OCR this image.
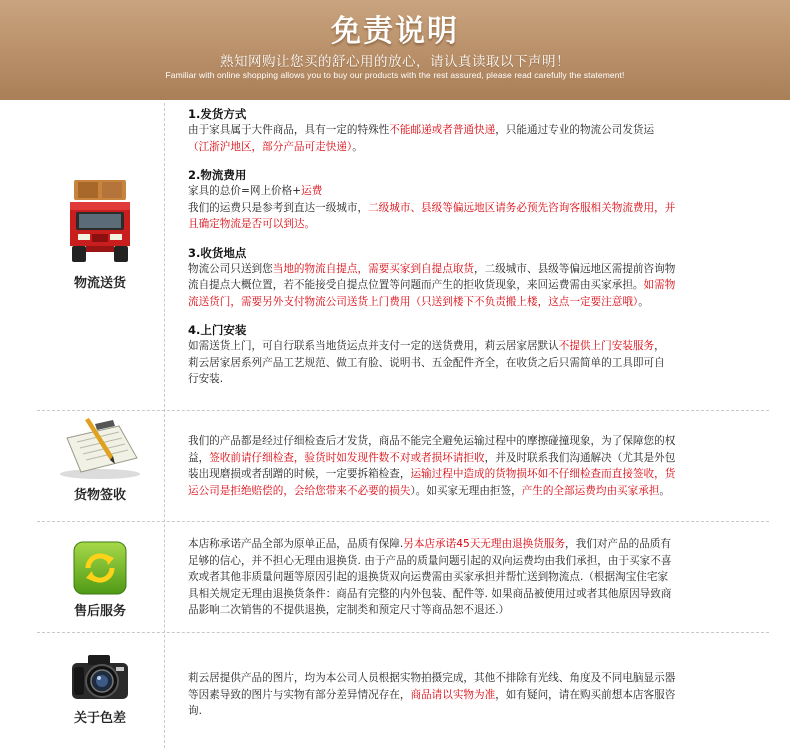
免责说明
熟知网购让您买的舒心用的放心，请认真读取以下声明！
Familiar with online shopping allows you to buy our products with the rest assured, please read carefully the statement!
物流送货
货物签收
售后服务
关于色差

1.发货方式

由于家具属于大件商品，具有一定的特殊性不能邮递或者普通快递，只能通过专业的物流公司发货运

（江浙沪地区，部分产品可走快递）。

2.物流费用

家具的总价=网上价格+运费

我们的运费只是参考到直达一级城市，二级城市、县级等偏远地区请务必预先咨询客服相关物流费用，并

且确定物流是否可以到达。

3.收货地点

物流公司只送到您当地的物流自提点，需要买家到自提点取货，二级城市、县级等偏远地区需提前咨询物

流自提点大概位置，若不能接受自提点位置等问题而产生的拒收货现象，来回运费需由买家承担。如需物

流送货门，需要另外支付物流公司送货上门费用（只送到楼下不负责搬上楼，这点一定要注意哦）。

4.上门安装

如需送货上门，可自行联系当地货运点并支付一定的送货费用，莉云居家居默认不提供上门安装服务，

莉云居家居系列产品工艺规范、做工有脸、说明书、五金配件齐全，在收货之后只需简单的工具即可自

行安装.

我们的产品都是经过仔细检查后才发货，商品不能完全避免运输过程中的摩擦碰撞现象，为了保障您的权

益，签收前请仔细检查，验货时如发现件数不对或者损坏请拒收，并及时联系我们沟通解决（尤其是外包

装出现磨损或者刮蹭的时候，一定要拆箱检查，运输过程中造成的货物损坏如不仔细检查而直接签收，货

运公司是拒绝赔偿的，会给您带来不必要的损失）。如买家无理由拒签，产生的全部运费均由买家承担。

本店称承诺产品全部为原单正品，品质有保障.另本店承诺45天无理由退换货服务，我们对产品的品质有

足够的信心，并不担心无理由退换货. 由于产品的质量问题引起的双向运费均由我们承担，由于买家不喜

欢或者其他非质量问题等原因引起的退换货双向运费需由买家承担并帮忙送到物流点.（根据淘宝住宅家

具相关规定无理由退换货条件：商品有完整的内外包装、配件等. 如果商品被使用过或者其他原因导致商

品影响二次销售的不提供退换，定制类和预定尺寸等商品恕不退还.）

莉云居提供产品的图片，均为本公司人员根据实物拍摄完成，其他不排除有光线、角度及不同电脑显示器

等因素导致的图片与实物有部分差异情况存在，商品请以实物为准，如有疑问，请在购买前想本店客服咨

询.
